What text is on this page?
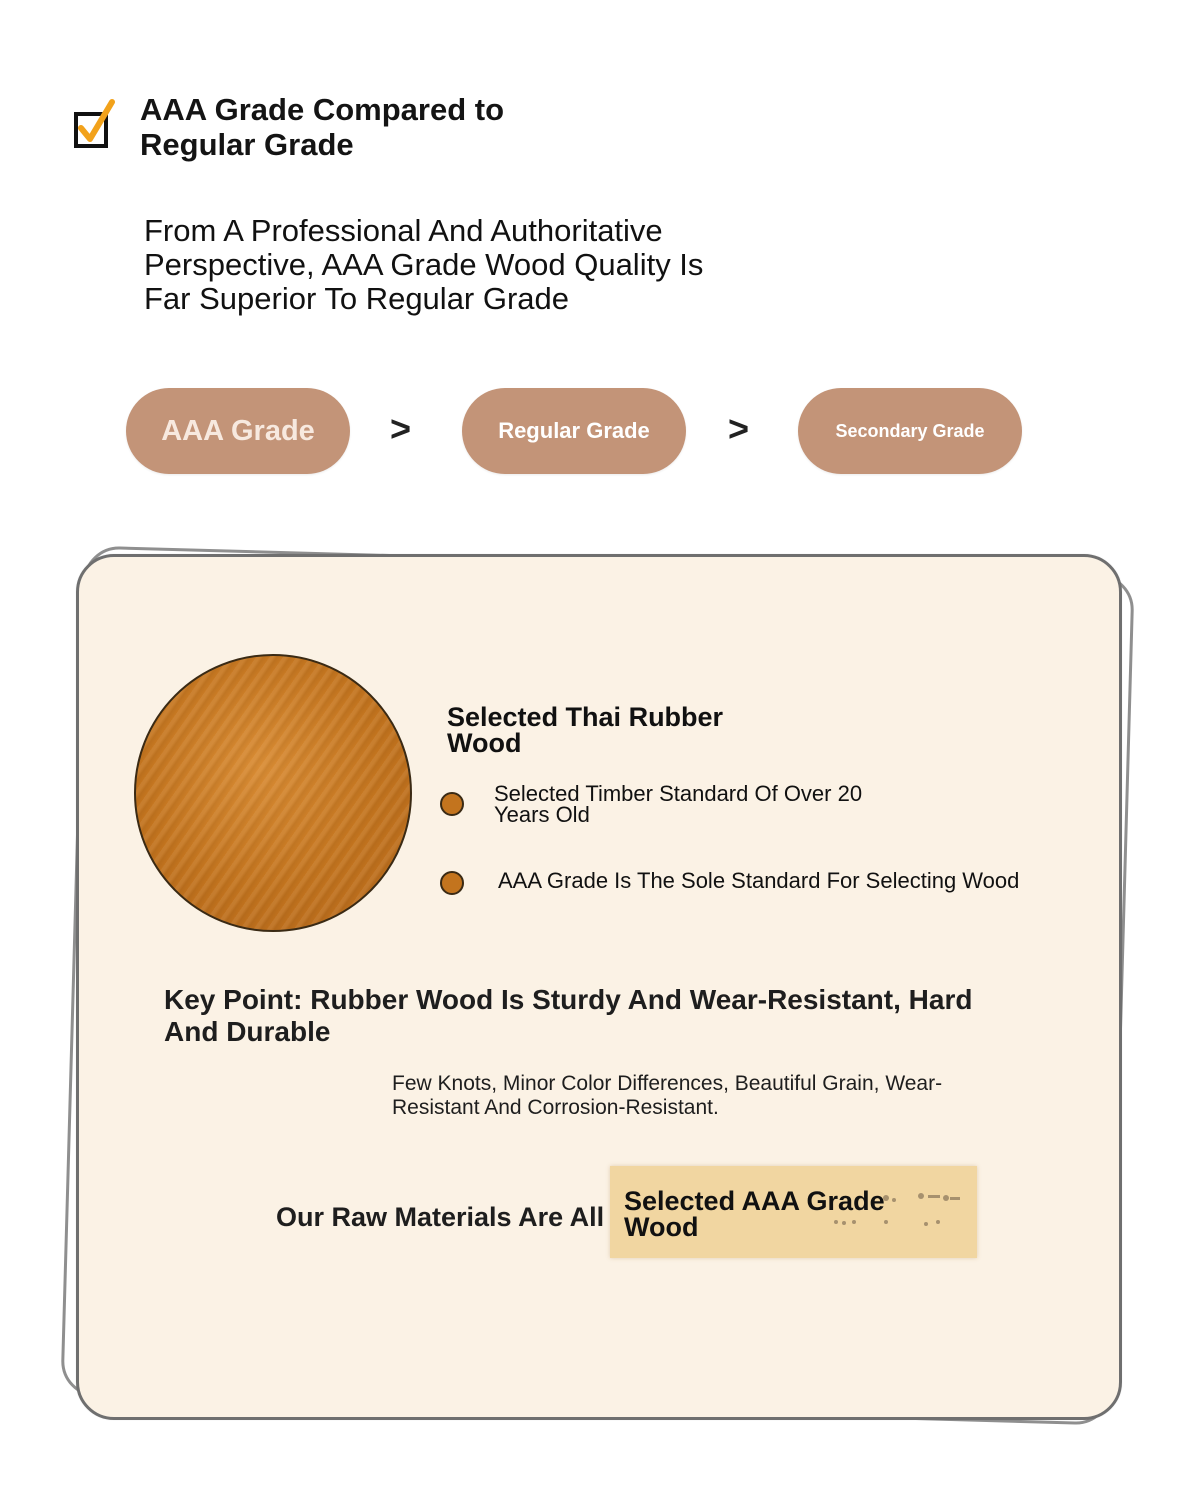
AAA Grade Compared to Regular Grade
From A Professional And Authoritative Perspective, AAA Grade Wood Quality Is Far Superior To Regular Grade
AAA Grade	>	Regular Grade	>	Secondary Grade
Selected Thai Rubber Wood
Selected Timber Standard Of Over 20 Years Old
AAA Grade Is The Sole Standard For Selecting Wood
Key Point: Rubber Wood Is Sturdy And Wear-Resistant, Hard And Durable
Few Knots, Minor Color Differences, Beautiful Grain, Wear-Resistant And Corrosion-Resistant.
Our Raw Materials Are All
Selected AAA Grade Wood
